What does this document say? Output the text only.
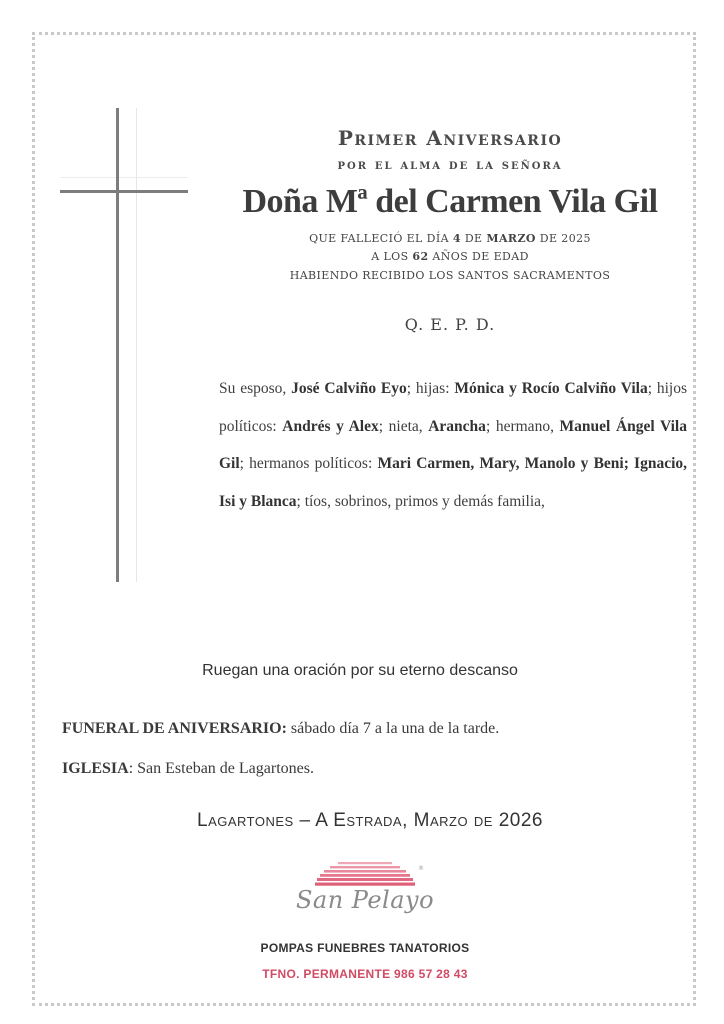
Primer Aniversario
por el alma de la señora
Doña Mª del Carmen Vila Gil
QUE FALLECIÓ EL DÍA 4 DE MARZO DE 2025
A LOS 62 AÑOS DE EDAD
HABIENDO RECIBIDO LOS SANTOS SACRAMENTOS
Q. E. P. D.
Su esposo, José Calviño Eyo; hijas: Mónica y Rocío Calviño Vila; hijos políticos: Andrés y Alex; nieta, Arancha; hermano, Manuel Ángel Vila Gil; hermanos políticos: Mari Carmen, Mary, Manolo y Beni; Ignacio, Isi y Blanca; tíos, sobrinos, primos y demás familia,
Ruegan una oración por su eterno descanso
FUNERAL DE ANIVERSARIO: sábado día 7 a la una de la tarde.
IGLESIA: San Esteban de Lagartones.
Lagartones – A Estrada, Marzo de 2026
®
San Pelayo
POMPAS FUNEBRES TANATORIOS
TFNO. PERMANENTE 986 57 28 43
